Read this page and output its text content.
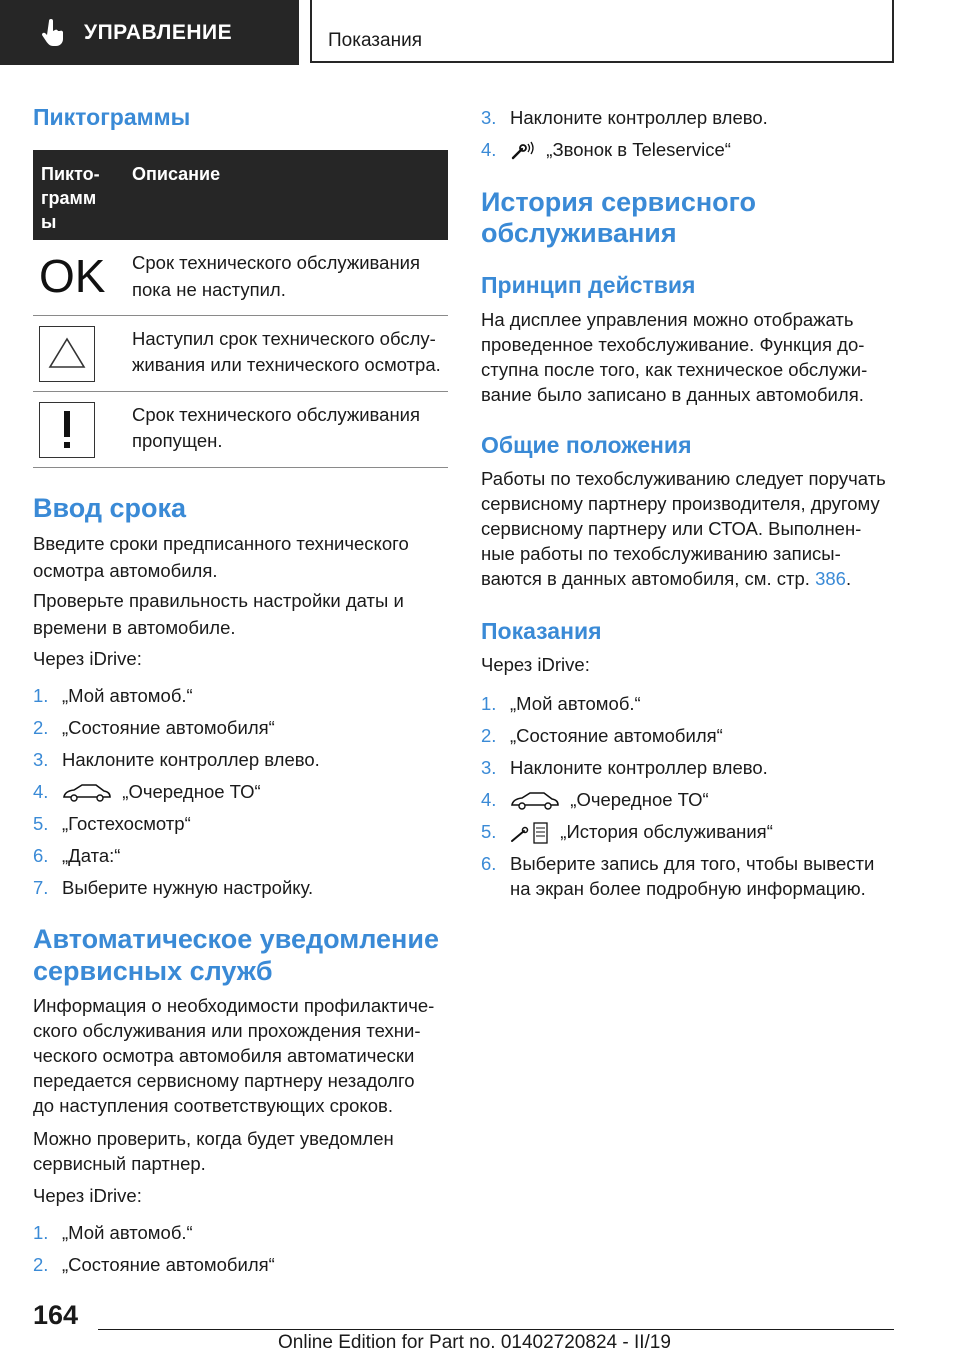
УПРАВЛЕНИЕ	Показания
Пиктограммы
Пикто-
грамм
ы	Описание

OK	Срок технического обслуживания пока не наступил.
	Наступил срок технического обслу-живания или технического осмотра.
	Срок технического обслуживания пропущен.
Ввод срока

Введите сроки предписанного технического осмотра автомобиля.

Проверьте правильность настройки даты и времени в автомобиле.

Через iDrive:

1. „Мой автомоб.“
2. „Состояние автомобиля“
3. Наклоните контроллер влево.
4.	„Очередное ТО“
5. „Гостехосмотр“
6. „Дата:“
7. Выберите нужную настройку.
Автоматическое уведомление
сервисных служб

Информация о необходимости профилактиче-

ского обслуживания или прохождения техни-

ческого осмотра автомобиля автоматически

передается сервисному партнеру незадолго

до наступления соответствующих сроков.

Можно проверить, когда будет уведомлен

сервисный партнер.

Через iDrive:

1. „Мой автомоб.“
2. „Состояние автомобиля“
3. Наклоните контроллер влево.
4.	„Звонок в Teleservice“
История сервисного
обслуживания
Принцип действия

На дисплее управления можно отображать

проведенное техобслуживание. Функция до-

ступна после того, как техническое обслужи-

вание было записано в данных автомобиля.

Общие положения

Работы по техобслуживанию следует поручать

сервисному партнеру производителя, другому

сервисному партнеру или СТОА. Выполнен-

ные работы по техобслуживанию записы-

ваются в данных автомобиля, см. стр. 386.

Показания

Через iDrive:

1. „Мой автомоб.“
2. „Состояние автомобиля“
3. Наклоните контроллер влево.
4.	„Очередное ТО“
5.	„История обслуживания“
6. Выберите запись для того, чтобы вывести
на экран более подробную информацию.
164
Online Edition for Part no. 01402720824 - II/19
